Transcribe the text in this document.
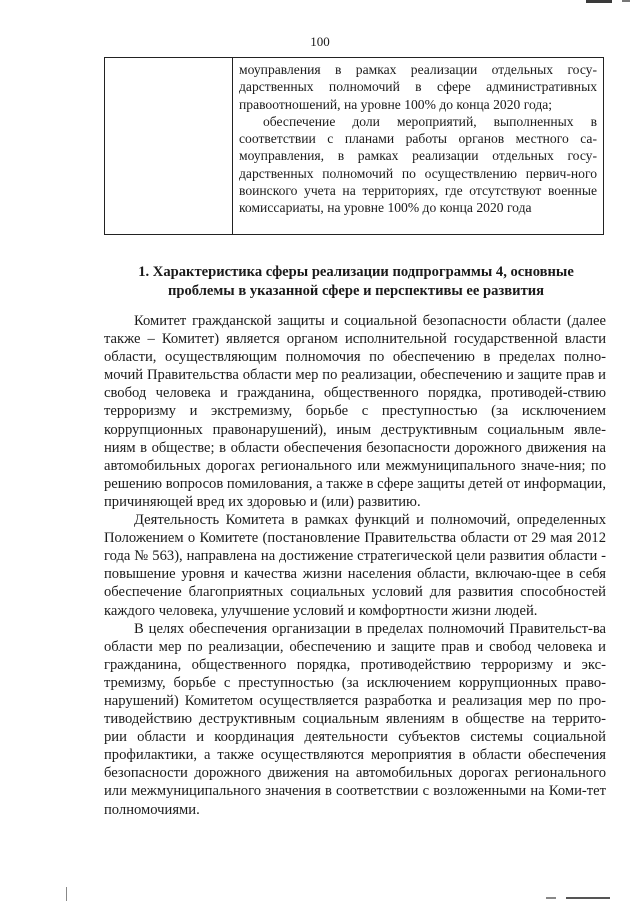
100

моуправления в рамках реализации отдельных госу-дарственных полномочий в сфере административных правоотношений, на уровне 100% до конца 2020 года;

обеспечение доли мероприятий, выполненных в соответствии с планами работы органов местного са-моуправления, в рамках реализации отдельных госу-дарственных полномочий по осуществлению первич-ного воинского учета на территориях, где отсутствуют военные комиссариаты, на уровне 100% до конца 2020 года

1. Характеристика сферы реализации подпрограммы 4, основные проблемы в указанной сфере и перспективы ее развития

Комитет гражданской защиты и социальной безопасности области (далее также – Комитет) является органом исполнительной государственной власти области, осуществляющим полномочия по обеспечению в пределах полно-мочий Правительства области мер по реализации, обеспечению и защите прав и свобод человека и гражданина, общественного порядка, противодей-ствию терроризму и экстремизму, борьбе с преступностью (за исключением коррупционных правонарушений), иным деструктивным социальным явле-ниям в обществе; в области обеспечения безопасности дорожного движения на автомобильных дорогах регионального или межмуниципального значе-ния; по решению вопросов помилования, а также в сфере защиты детей от информации, причиняющей вред их здоровью и (или) развитию.

Деятельность Комитета в рамках функций и полномочий, определенных Положением о Комитете (постановление Правительства области от 29 мая 2012 года № 563), направлена на достижение стратегической цели развития области - повышение уровня и качества жизни населения области, включаю-щее в себя обеспечение благоприятных социальных условий для развития способностей каждого человека, улучшение условий и комфортности жизни людей.

В целях обеспечения организации в пределах полномочий Правительст-ва области мер по реализации, обеспечению и защите прав и свобод человека и гражданина, общественного порядка, противодействию терроризму и экс-тремизму, борьбе с преступностью (за исключением коррупционных право-нарушений) Комитетом осуществляется разработка и реализация мер по про-тиводействию деструктивным социальным явлениям в обществе на террито-рии области и координация деятельности субъектов системы социальной профилактики, а также осуществляются мероприятия в области обеспечения безопасности дорожного движения на автомобильных дорогах регионального или межмуниципального значения в соответствии с возложенными на Коми-тет полномочиями.
